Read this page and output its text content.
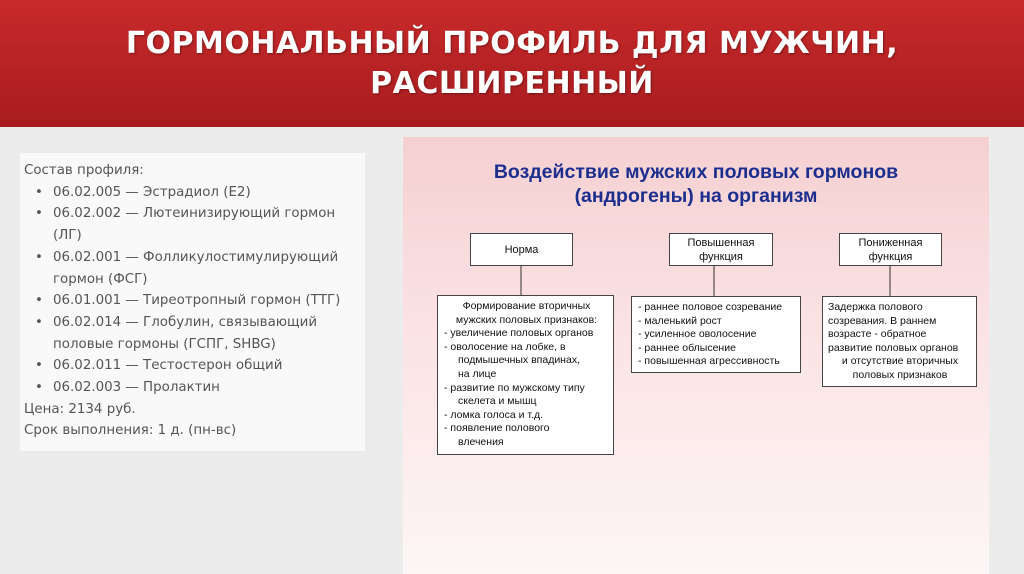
ГОРМОНАЛЬНЫЙ ПРОФИЛЬ ДЛЯ МУЖЧИН,
РАСШИРЕННЫЙ
Состав профиля:
• 06.02.005 — Эстрадиол (Е2)
• 06.02.002 — Лютеинизирующий гормон
(ЛГ)
• 06.02.001 — Фолликулостимулирующий
гормон (ФСГ)
• 06.01.001 — Тиреотропный гормон (ТТГ)
• 06.02.014 — Глобулин, связывающий
половые гормоны (ГСПГ, SHBG)
• 06.02.011 — Тестостерон общий
• 06.02.003 — Пролактин
Цена: 2134 руб.
Срок выполнения: 1 д. (пн-вс)
Воздействие мужских половых гормонов
(андрогены) на организм
Норма
Повышенная
функция
Пониженная
функция
Формирование вторичных
мужских половых признаков:
- увеличение половых органов
- оволосение на лобке, в
подмышечных впадинах,
на лице
- развитие по мужскому типу
скелета и мышц
- ломка голоса и т.д.
- появление полового
влечения
- раннее половое созревание
- маленький рост
- усиленное оволосение
- раннее облысение
- повышенная агрессивность
Задержка полового
созревания. В раннем
возрасте - обратное
развитие половых органов
и отсутствие вторичных
половых признаков
